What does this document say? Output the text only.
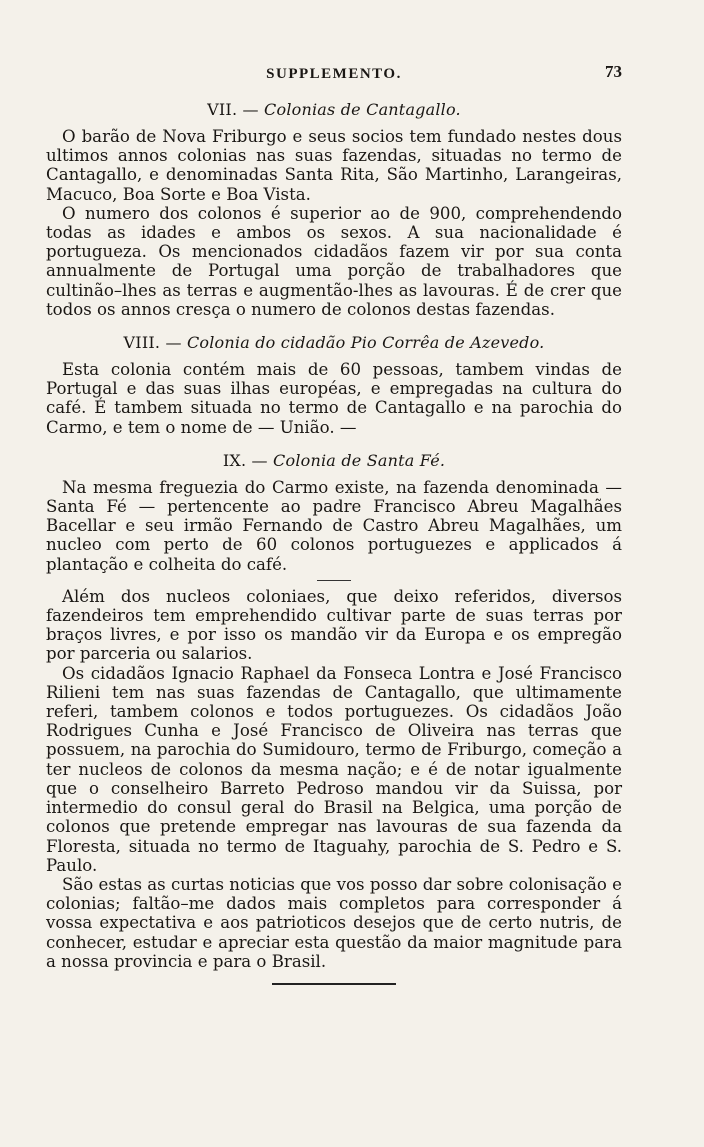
SUPPLEMENTO.	73
VII. — Colonias de Cantagallo.

O barão de Nova Friburgo e seus socios tem fundado nestes dous ultimos annos colonias nas suas fazendas, situadas no termo de Cantagallo, e denominadas Santa Rita, São Martinho, Larangeiras, Macuco, Boa Sorte e Boa Vista.

O numero dos colonos é superior ao de 900, comprehendendo todas as idades e ambos os sexos. A sua nacionalidade é portugueza. Os mencionados cidadãos fazem vir por sua conta annualmente de Portugal uma porção de trabalhadores que cultinão–lhes as terras e augmentão-lhes as lavouras. É de crer que todos os annos cresça o numero de colonos destas fazendas.

VIII. — Colonia do cidadão Pio Corrêa de Azevedo.

Esta colonia contém mais de 60 pessoas, tambem vindas de Portugal e das suas ilhas européas, e empregadas na cultura do café. É tambem situada no termo de Cantagallo e na parochia do Carmo, e tem o nome de — União. —

IX. — Colonia de Santa Fé.

Na mesma freguezia do Carmo existe, na fazenda denominada — Santa Fé — pertencente ao padre Francisco Abreu Magalhães Bacellar e seu irmão Fernando de Castro Abreu Magalhães, um nucleo com perto de 60 colonos portuguezes e applicados á plantação e colheita do café.

Além dos nucleos coloniaes, que deixo referidos, diversos fazendeiros tem emprehendido cultivar parte de suas terras por braços livres, e por isso os mandão vir da Europa e os empregão por parceria ou salarios.

Os cidadãos Ignacio Raphael da Fonseca Lontra e José Francisco Rilieni tem nas suas fazendas de Cantagallo, que ultimamente referi, tambem colonos e todos portuguezes. Os cidadãos João Rodrigues Cunha e José Francisco de Oliveira nas terras que possuem, na parochia do Sumidouro, termo de Friburgo, começão a ter nucleos de colonos da mesma nação; e é de notar igualmente que o conselheiro Barreto Pedroso mandou vir da Suissa, por intermedio do consul geral do Brasil na Belgica, uma porção de colonos que pretende empregar nas lavouras de sua fazenda da Floresta, situada no termo de Itaguahy, parochia de S. Pedro e S. Paulo.

São estas as curtas noticias que vos posso dar sobre colonisação e colonias; faltão–me dados mais completos para corresponder á vossa expectativa e aos patrioticos desejos que de certo nutris, de conhecer, estudar e apreciar esta questão da maior magnitude para a nossa provincia e para o Brasil.
